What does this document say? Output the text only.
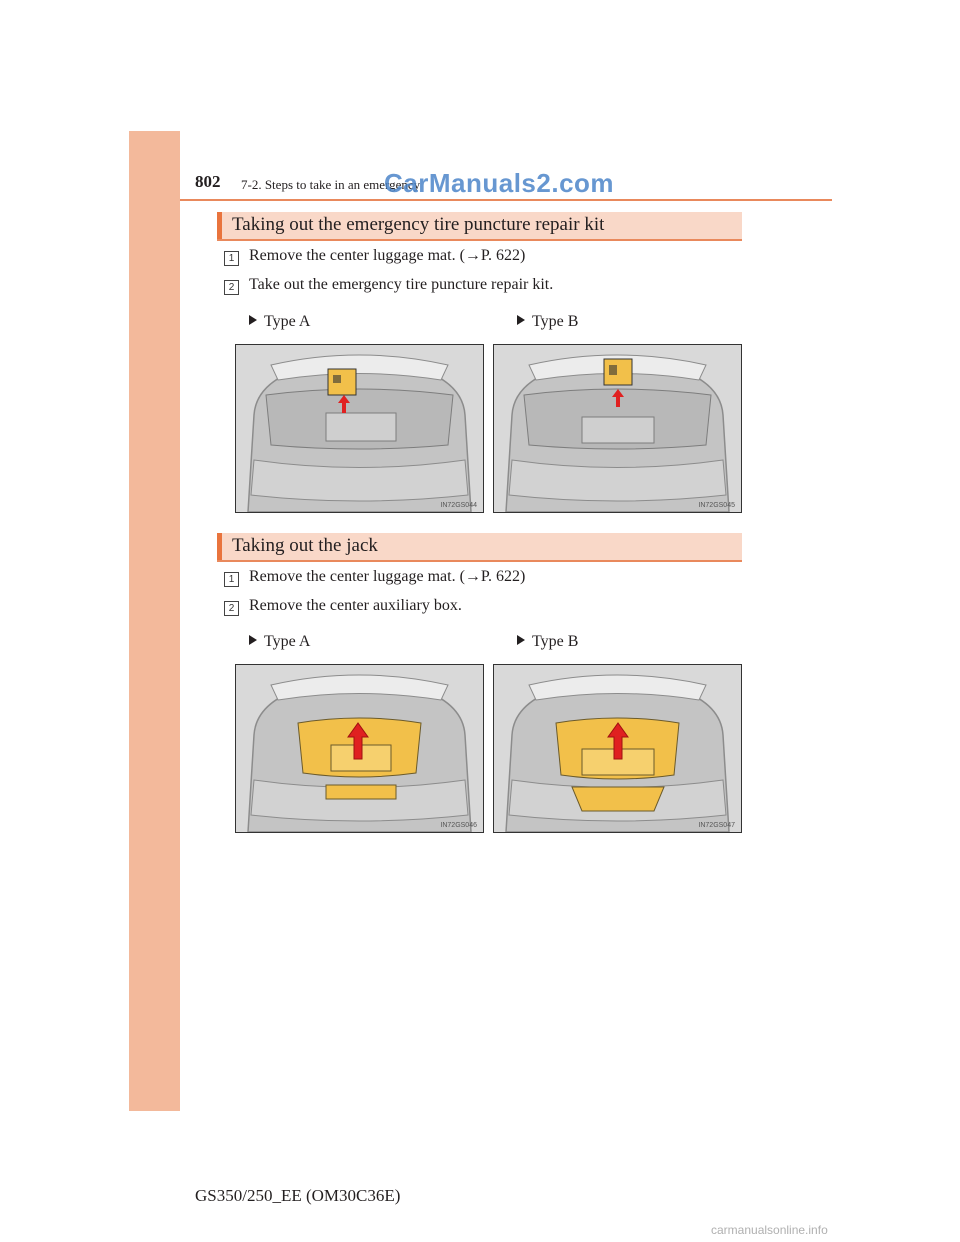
802 7-2. Steps to take in an emergency
CarManuals2.com
Taking out the emergency tire puncture repair kit
1 Remove the center luggage mat. (→P. 622)
2 Take out the emergency tire puncture repair kit.
Type A	Type B
IN72GS044	IN72GS045
Taking out the jack
1 Remove the center luggage mat. (→P. 622)
2 Remove the center auxiliary box.
Type A	Type B
IN72GS046	IN72GS047
GS350/250_EE (OM30C36E)
carmanualsonline.info
